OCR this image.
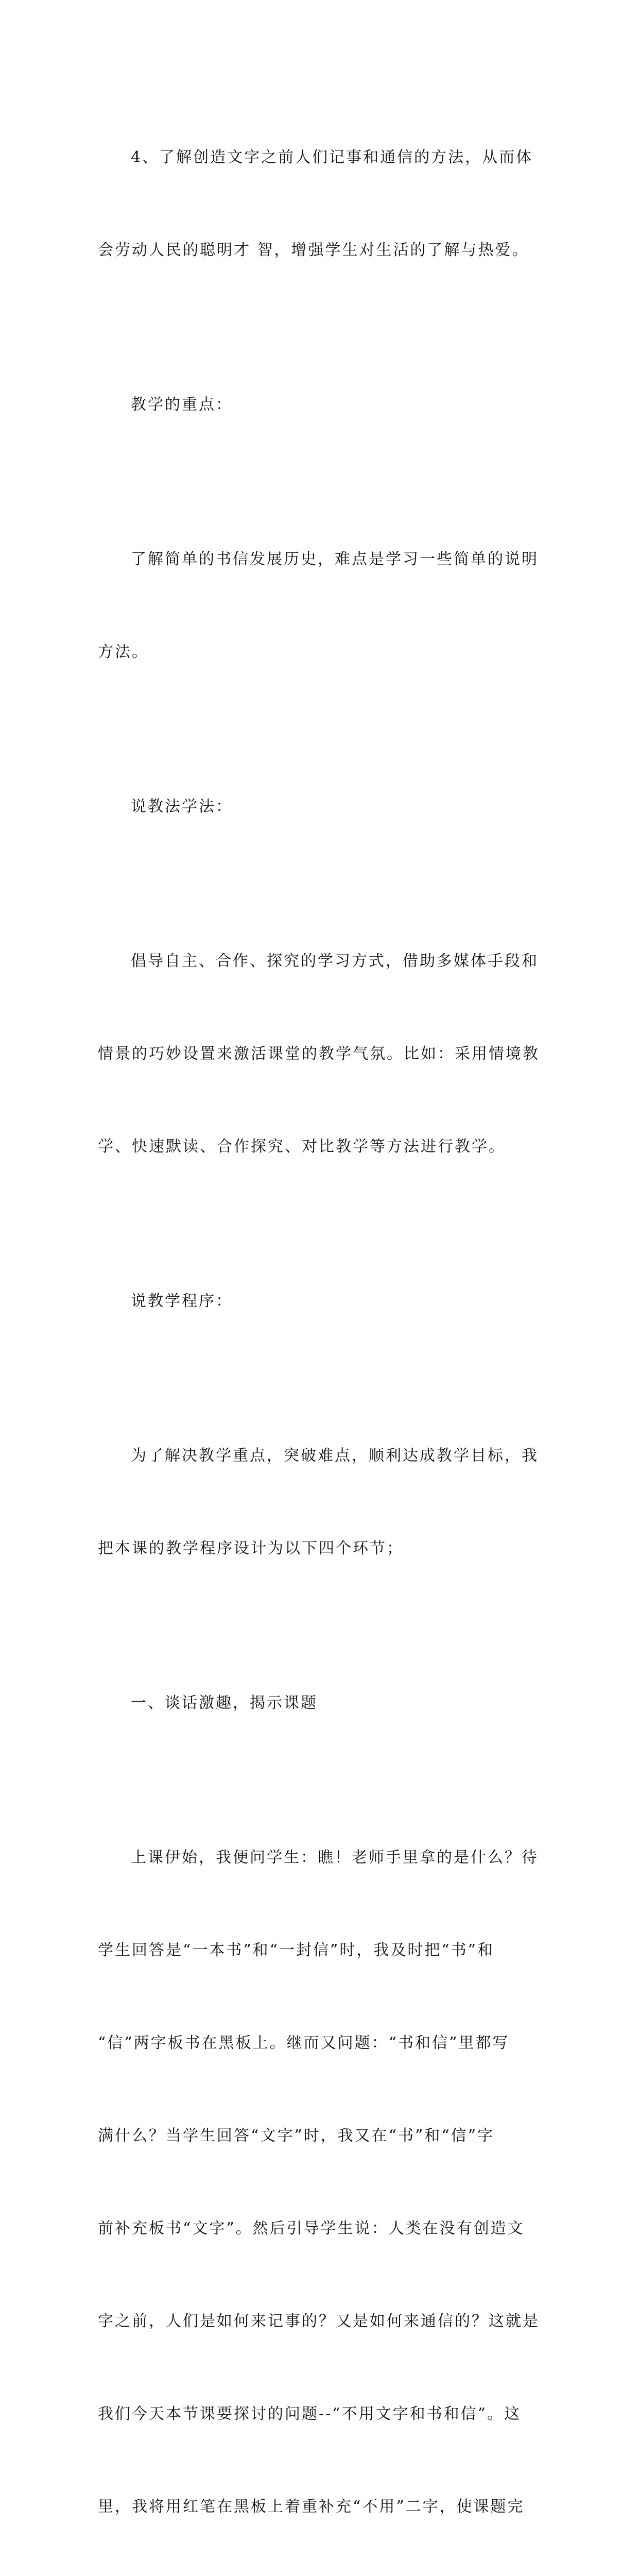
4、了解创造文字之前人们记事和通信的方法，从而体

会劳动人民的聪明才 智，增强学生对生活的了解与热爱。

教学的重点：

了解简单的书信发展历史，难点是学习一些简单的说明

方法。

说教法学法：

倡导自主、合作、探究的学习方式，借助多媒体手段和

情景的巧妙设置来激活课堂的教学气氛。比如：采用情境教

学、快速默读、合作探究、对比教学等方法进行教学。

说教学程序：

为了解决教学重点，突破难点，顺利达成教学目标，我

把本课的教学程序设计为以下四个环节；

一、谈话激趣，揭示课题

上课伊始，我便问学生：瞧！老师手里拿的是什么？待

学生回答是“一本书”和“一封信”时，我及时把“书”和

“信”两字板书在黑板上。继而又问题：“书和信”里都写

满什么？当学生回答“文字”时，我又在“书”和“信”字

前补充板书“文字”。然后引导学生说：人类在没有创造文

字之前，人们是如何来记事的？又是如何来通信的？这就是

我们今天本节课要探讨的问题--“不用文字和书和信”。这

里，我将用红笔在黑板上着重补充“不用”二字，使课题完
